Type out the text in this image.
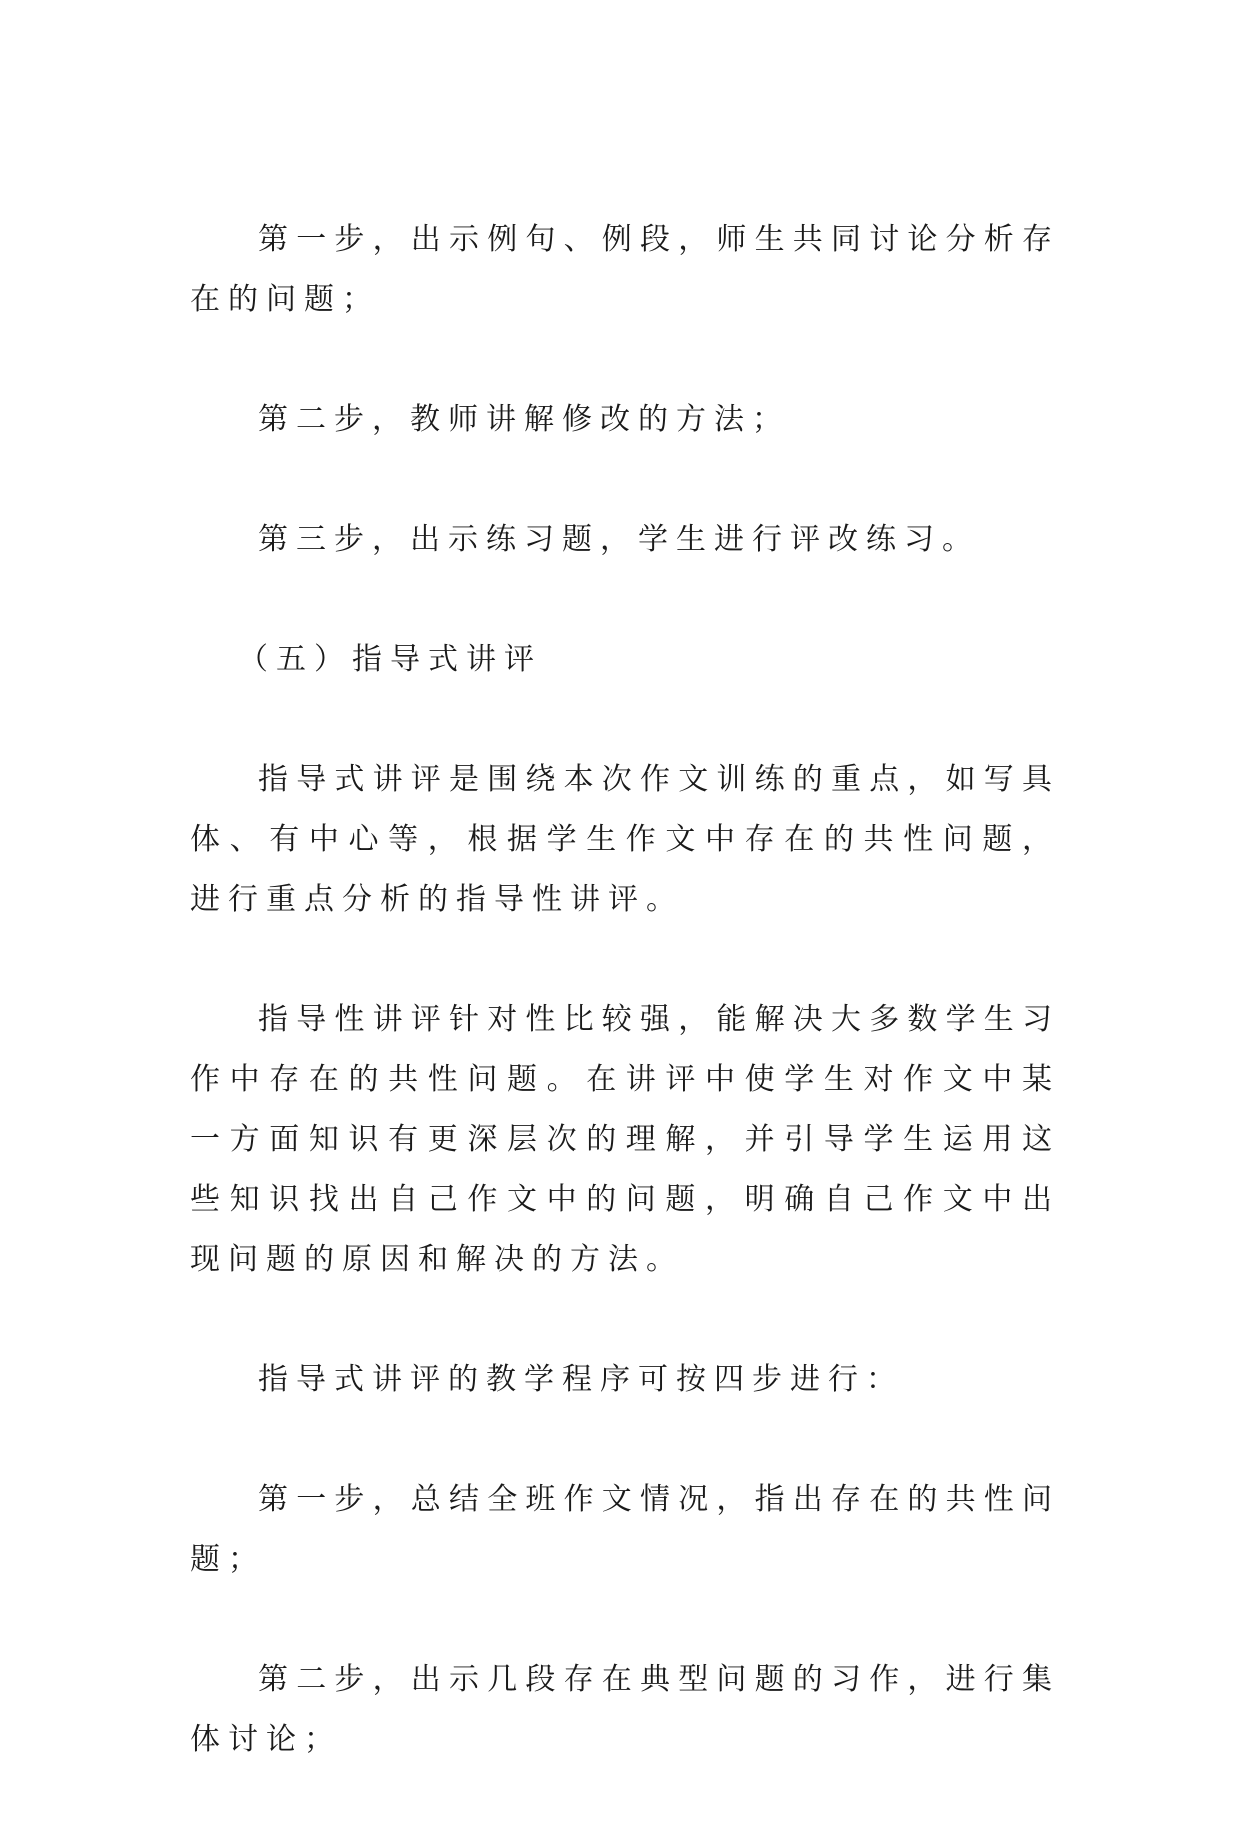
第一步，出示例句、例段，师生共同讨论分析存在的问题；

第二步，教师讲解修改的方法；

第三步，出示练习题，学生进行评改练习。

（五）指导式讲评

指导式讲评是围绕本次作文训练的重点，如写具体、有中心等，根据学生作文中存在的共性问题，进行重点分析的指导性讲评。

指导性讲评针对性比较强，能解决大多数学生习作中存在的共性问题。在讲评中使学生对作文中某一方面知识有更深层次的理解，并引导学生运用这些知识找出自己作文中的问题，明确自己作文中出现问题的原因和解决的方法。

指导式讲评的教学程序可按四步进行：

第一步，总结全班作文情况，指出存在的共性问题；

第二步，出示几段存在典型问题的习作，进行集体讨论；
